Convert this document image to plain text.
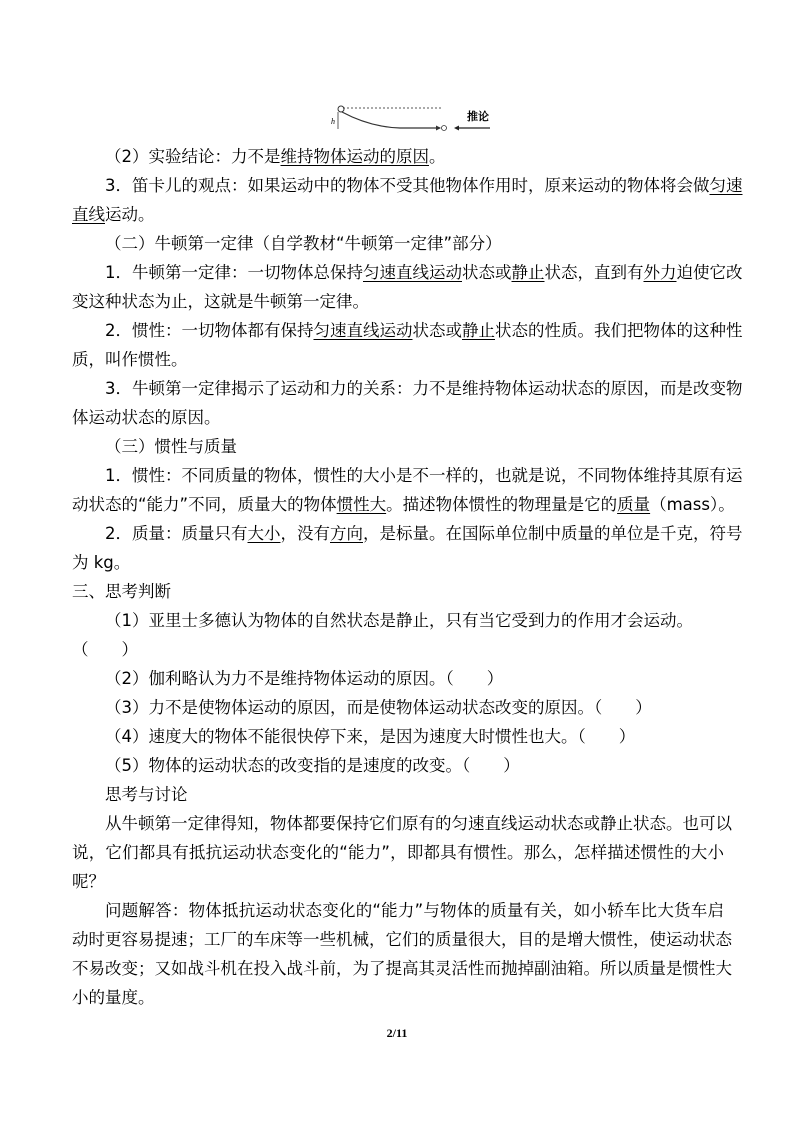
h	推论
（2）实验结论：力不是维持物体运动的原因。
3．笛卡儿的观点：如果运动中的物体不受其他物体作用时，原来运动的物体将会做匀速
直线运动。
（二）牛顿第一定律（自学教材“牛顿第一定律”部分）
1．牛顿第一定律：一切物体总保持匀速直线运动状态或静止状态，直到有外力迫使它改
变这种状态为止，这就是牛顿第一定律。
2．惯性：一切物体都有保持匀速直线运动状态或静止状态的性质。我们把物体的这种性
质，叫作惯性。
3．牛顿第一定律揭示了运动和力的关系：力不是维持物体运动状态的原因，而是改变物
体运动状态的原因。
（三）惯性与质量
1．惯性：不同质量的物体，惯性的大小是不一样的，也就是说，不同物体维持其原有运
动状态的“能力”不同，质量大的物体惯性大。描述物体惯性的物理量是它的质量（mass）。
2．质量：质量只有大小，没有方向，是标量。在国际单位制中质量的单位是千克，符号
为 kg。
三、思考判断
（1）亚里士多德认为物体的自然状态是静止，只有当它受到力的作用才会运动。
（　　）
（2）伽利略认为力不是维持物体运动的原因。（　　）
（3）力不是使物体运动的原因，而是使物体运动状态改变的原因。（　　）
（4）速度大的物体不能很快停下来，是因为速度大时惯性也大。（　　）
（5）物体的运动状态的改变指的是速度的改变。（　　）
思考与讨论
从牛顿第一定律得知，物体都要保持它们原有的匀速直线运动状态或静止状态。也可以
说，它们都具有抵抗运动状态变化的“能力”，即都具有惯性。那么，怎样描述惯性的大小
呢？
问题解答：物体抵抗运动状态变化的“能力”与物体的质量有关，如小轿车比大货车启
动时更容易提速；工厂的车床等一些机械，它们的质量很大，目的是增大惯性，使运动状态
不易改变；又如战斗机在投入战斗前，为了提高其灵活性而抛掉副油箱。所以质量是惯性大
小的量度。
2/11
